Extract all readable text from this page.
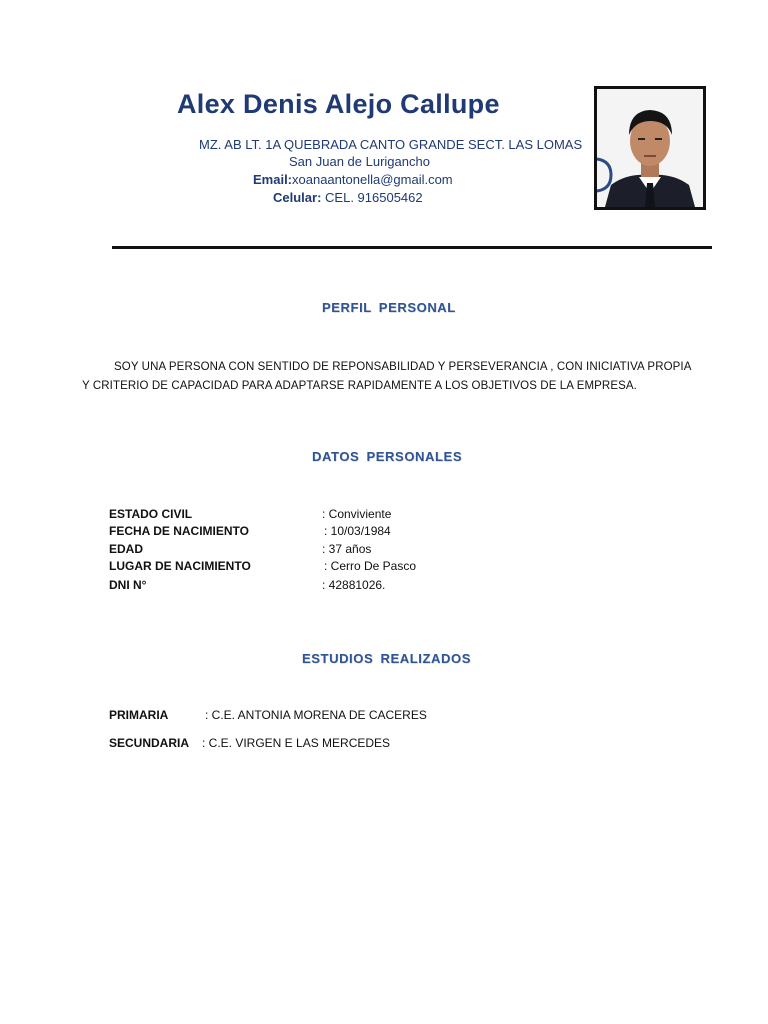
Alex Denis Alejo Callupe
MZ. AB LT. 1A QUEBRADA CANTO GRANDE SECT. LAS LOMAS
San Juan de Lurigancho
Email:xoanaantonella@gmail.com
Celular: CEL. 916505462
PERFIL PERSONAL
SOY UNA PERSONA CON SENTIDO DE REPONSABILIDAD Y PERSEVERANCIA , CON INICIATIVA PROPIA
Y CRITERIO DE CAPACIDAD PARA ADAPTARSE RAPIDAMENTE A LOS OBJETIVOS DE LA EMPRESA.
DATOS PERSONALES
ESTADO CIVIL	: Conviviente
FECHA DE NACIMIENTO	: 10/03/1984
EDAD	: 37 años
LUGAR DE NACIMIENTO	: Cerro De Pasco
DNI N°	: 42881026.
ESTUDIOS REALIZADOS
PRIMARIA	: C.E. ANTONIA MORENA DE CACERES
SECUNDARIA : C.E. VIRGEN E LAS MERCEDES
